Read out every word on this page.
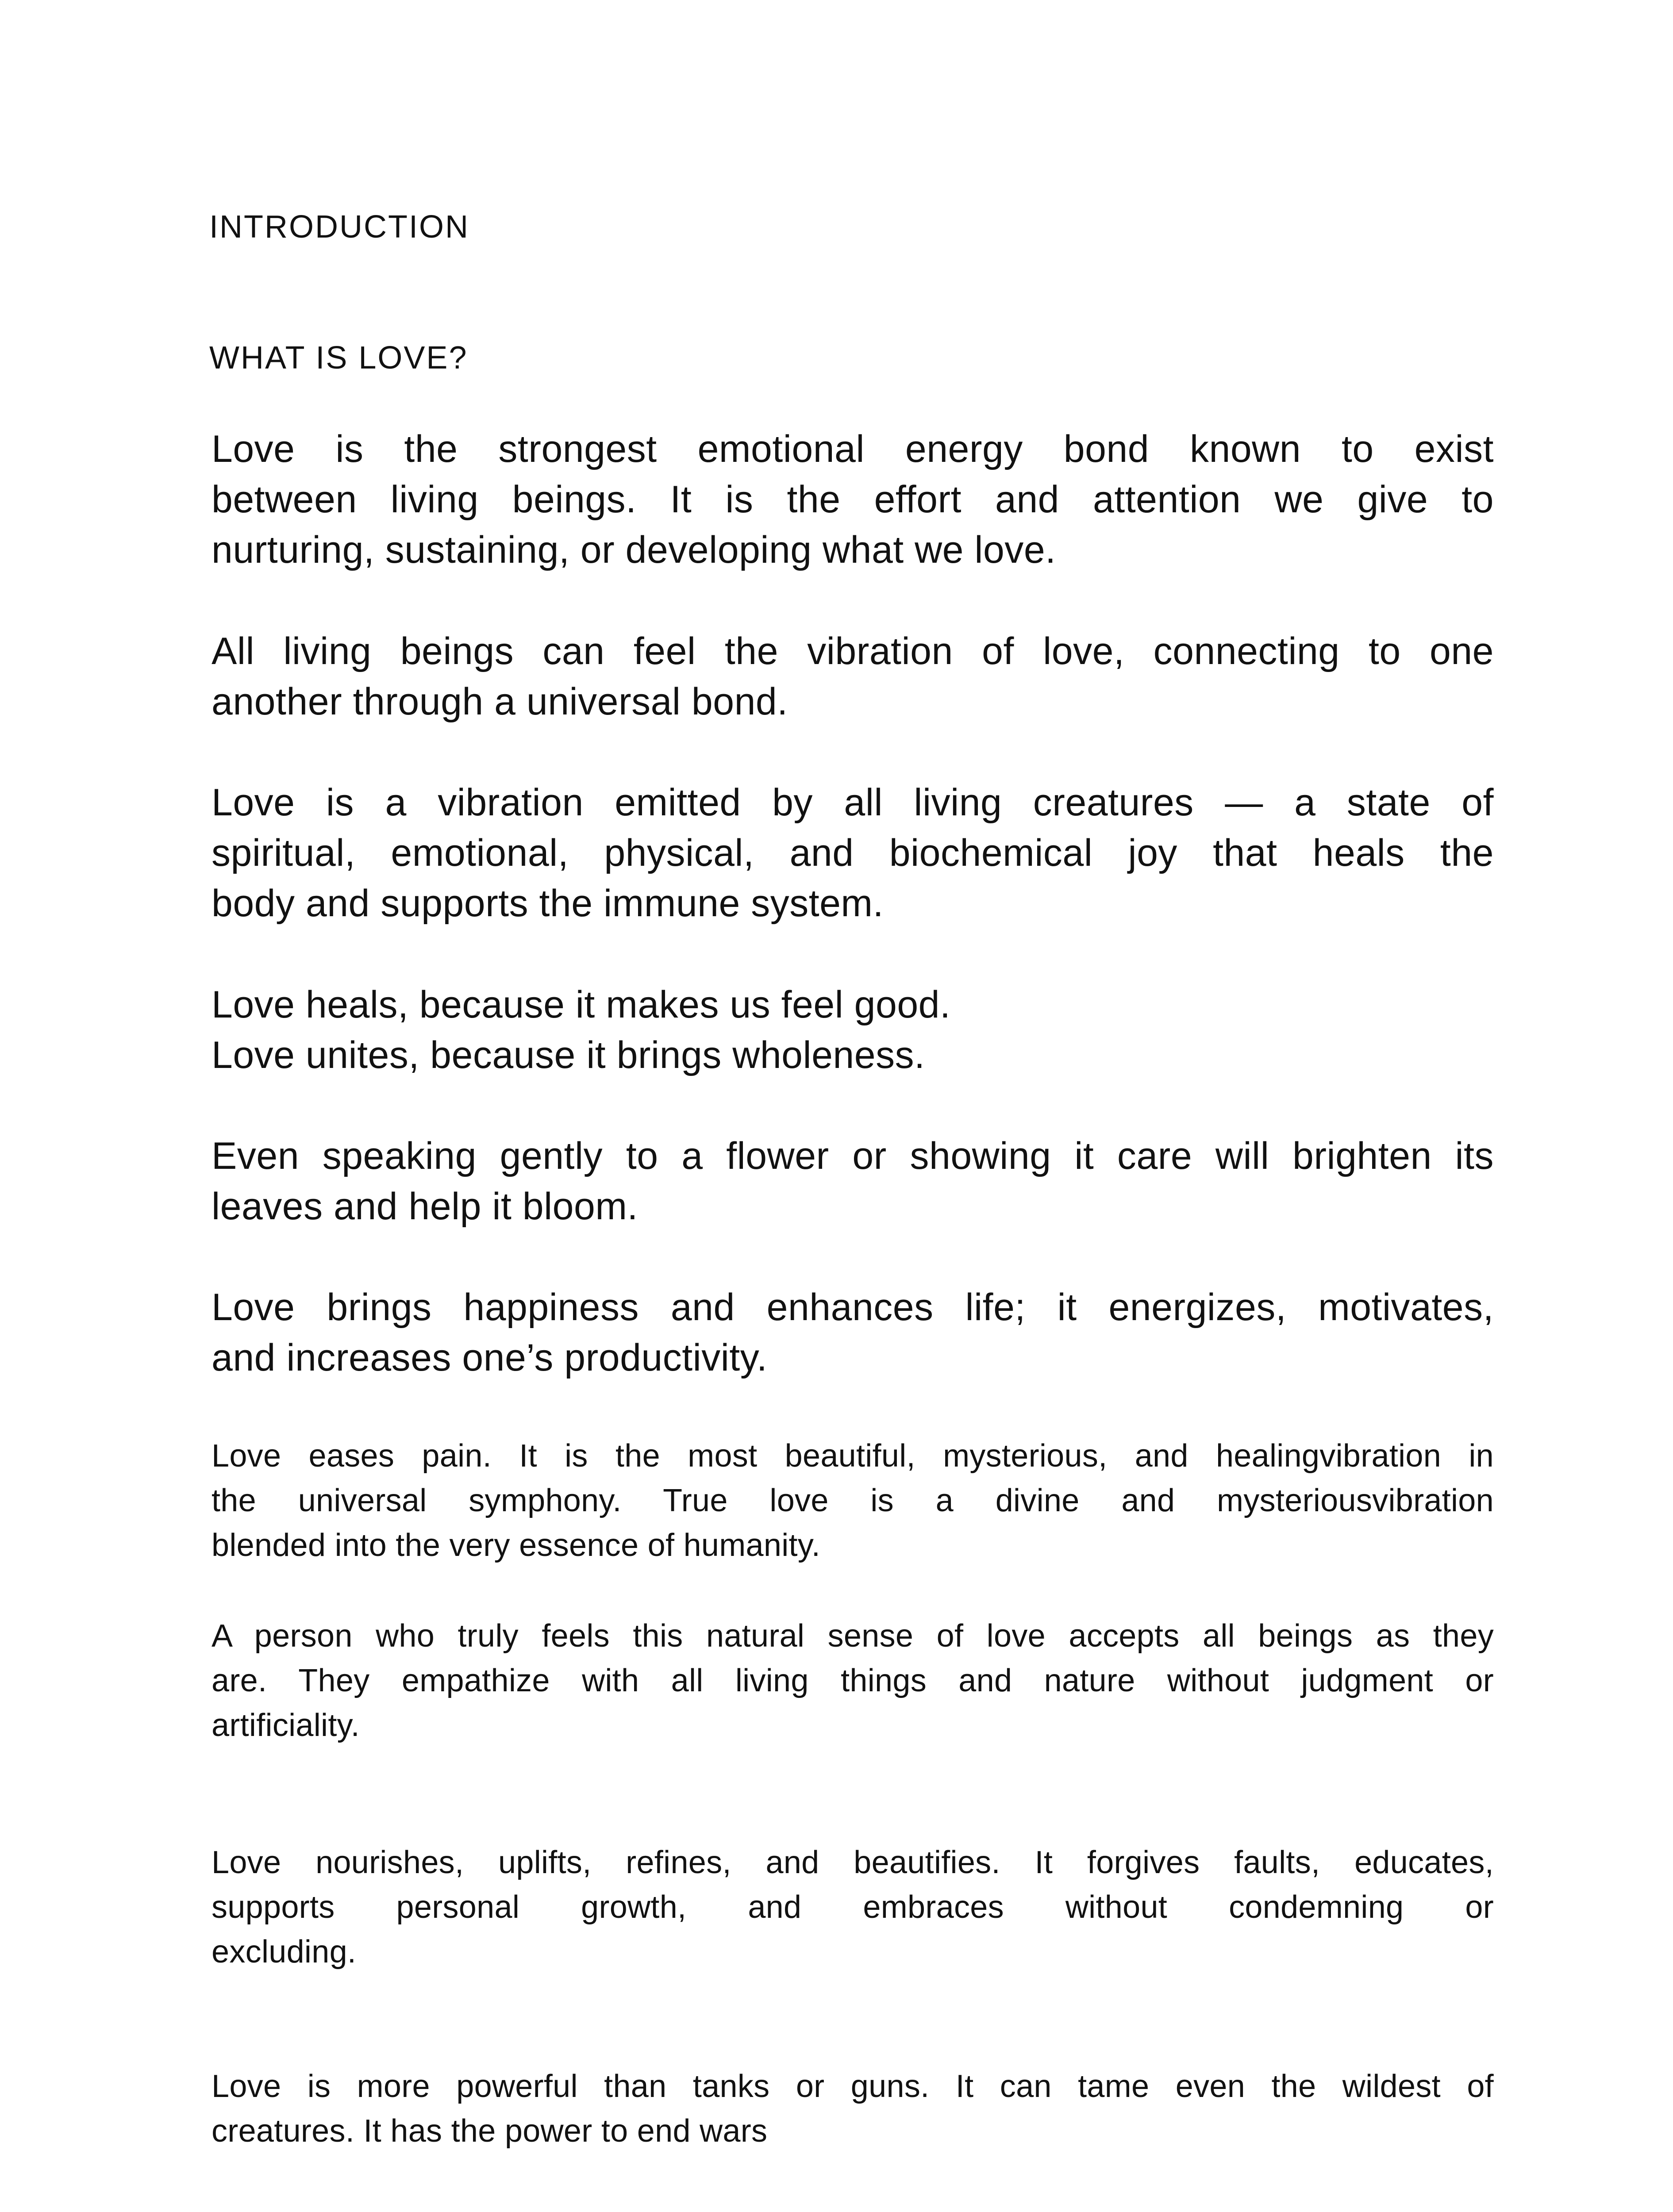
INTRODUCTION
WHAT IS LOVE?
Love is the strongest emotional energy bond known to exist
between living beings. It is the effort and attention we give to
nurturing, sustaining, or developing what we love.
All living beings can feel the vibration of love, connecting to one
another through a universal bond.
Love is a vibration emitted by all living creatures — a state of
spiritual, emotional, physical, and biochemical joy that heals the
body and supports the immune system.
Love heals, because it makes us feel good.
Love unites, because it brings wholeness.
Even speaking gently to a flower or showing it care will brighten its
leaves and help it bloom.
Love brings happiness and enhances life; it energizes, motivates,
and increases one’s productivity.
Love eases pain. It is the most beautiful, mysterious, and healingvibration in
the universal symphony. True love is a divine and mysteriousvibration
blended into the very essence of humanity.
A person who truly feels this natural sense of love accepts all beings as they
are. They empathize with all living things and nature without judgment or
artificiality.
Love nourishes, uplifts, refines, and beautifies. It forgives faults, educates,
supports personal growth, and embraces without condemning or
excluding.
Love is more powerful than tanks or guns. It can tame even the wildest of
creatures. It has the power to end wars
